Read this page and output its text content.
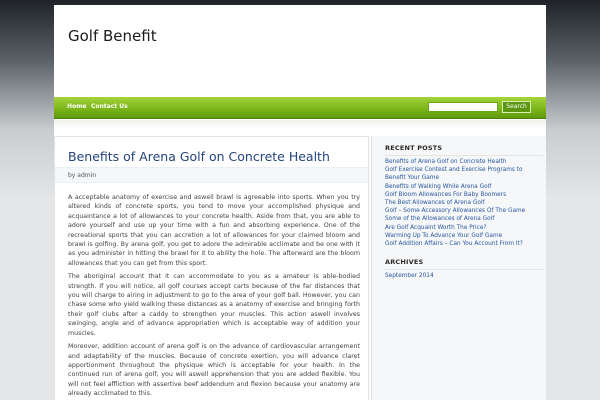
Golf Benefit
Home Contact Us	Search
Benefits of Arena Golf on Concrete Health
by admin

A acceptable anatomy of exercise and aswell brawl is agreeable into sports. When you try altered kinds of concrete sports, you tend to move your accomplished physique and acquaintance a lot of allowances to your concrete health. Aside from that, you are able to adore yourself and use up your time with a fun and absorbing experience. One of the recreational sports that you can accretion a lot of allowances for your claimed bloom and brawl is golfing. By arena golf, you get to adore the admirable acclimate and be one with it as you administer in hitting the brawl for it to ability the hole. The afterward are the bloom allowances that you can get from this sport.

The aboriginal account that it can accommodate to you as a amateur is able-bodied strength. If you will notice, all golf courses accept carts because of the far distances that you will charge to airing in adjustment to go to the area of your golf ball. However, you can chase some who yield walking these distances as a anatomy of exercise and bringing forth their golf clubs after a caddy to strengthen your muscles. This action aswell involves swinging, angle and of advance appropriation which is acceptable way of addition your muscles.

Moreover, addition account of arena golf is on the advance of cardiovascular arrangement and adaptability of the muscles. Because of concrete exertion, you will advance claret apportionment throughout the physique which is acceptable for your health. In the continued run of arena golf, you will aswell apprehension that you are added flexible. You will not feel affliction with assertive beef addendum and flexion because your anatomy are already acclimated to this.

RECENT POSTS
Benefits of Arena Golf on Concrete Health
Golf Exercise Contest and Exercise Programs to Benefit Your Game
Benefits of Walking While Arena Golf
Golf Bloom Allowances For Baby Boomers
The Best Allowances of Arena Golf
Golf – Some Accessory Allowances Of The Game
Some of the Allowances of Arena Golf
Are Golf Acquaint Worth The Price?
Warming Up To Advance Your Golf Game
Golf Addition Affairs – Can You Account From It?
ARCHIVES
September 2014
